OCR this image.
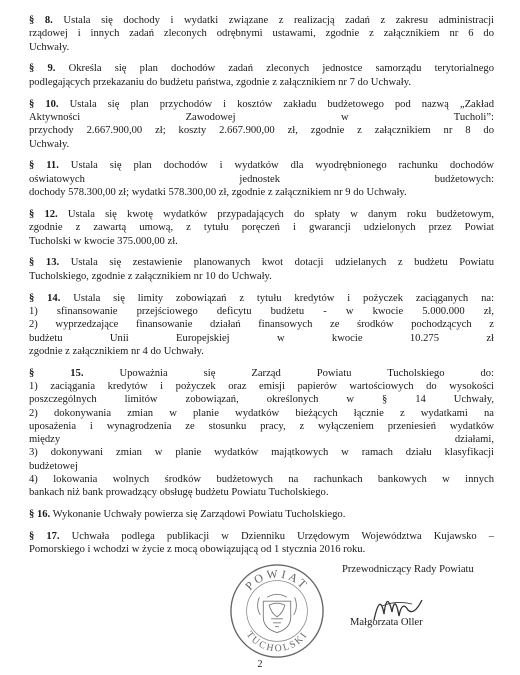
§ 8. Ustala się dochody i wydatki związane z realizacją zadań z zakresu administracji
rządowej i innych zadań zleconych odrębnymi ustawami, zgodnie z załącznikiem nr 6 do
Uchwały.
§ 9. Określa się plan dochodów zadań zleconych jednostce samorządu terytorialnego
podlegających przekazaniu do budżetu państwa, zgodnie z załącznikiem nr 7 do Uchwały.
§ 10. Ustala się plan przychodów i kosztów zakładu budżetowego pod nazwą „Zakład
Aktywności Zawodowej w Tucholi”:
przychody 2.667.900,00 zł; koszty 2.667.900,00 zł, zgodnie z załącznikiem nr 8 do
Uchwały.
§ 11. Ustala się plan dochodów i wydatków dla wyodrębnionego rachunku dochodów
oświatowych jednostek budżetowych:
dochody 578.300,00 zł; wydatki 578.300,00 zł, zgodnie z załącznikiem nr 9 do Uchwały.
§ 12. Ustala się kwotę wydatków przypadających do spłaty w danym roku budżetowym,
zgodnie z zawartą umową, z tytułu poręczeń i gwarancji udzielonych przez Powiat
Tucholski w kwocie 375.000,00 zł.
§ 13. Ustala się zestawienie planowanych kwot dotacji udzielanych z budżetu Powiatu
Tucholskiego, zgodnie z załącznikiem nr 10 do Uchwały.
§ 14. Ustala się limity zobowiązań z tytułu kredytów i pożyczek zaciąganych na:
1) sfinansowanie przejściowego deficytu budżetu - w kwocie 5.000.000 zł,
2) wyprzedzające finansowanie działań finansowych ze środków pochodzących z
budżetu Unii Europejskiej w kwocie 10.275 zł
zgodnie z załącznikiem nr 4 do Uchwały.
§ 15.	Upoważnia się Zarząd Powiatu Tucholskiego do:
1) zaciągania kredytów i pożyczek oraz emisji papierów wartościowych do wysokości
poszczególnych limitów zobowiązań, określonych w § 14 Uchwały,
2) dokonywania zmian w planie wydatków bieżących łącznie z wydatkami na
uposażenia i wynagrodzenia ze stosunku pracy, z wyłączeniem przeniesień wydatków
między działami,
3) dokonywani zmian w planie wydatków majątkowych w ramach działu klasyfikacji
budżetowej
4) lokowania wolnych środków budżetowych na rachunkach bankowych w innych
bankach niż bank prowadzący obsługę budżetu Powiatu Tucholskiego.
§ 16. Wykonanie Uchwały powierza się Zarządowi Powiatu Tucholskiego.
§ 17. Uchwała podlega publikacji w Dzienniku Urzędowym Województwa Kujawsko –
Pomorskiego i wchodzi w życie z mocą obowiązującą od 1 stycznia 2016 roku.
POWIAT
TUCHOLSKI
Przewodniczący Rady Powiatu
Małgorzata Oller
2
